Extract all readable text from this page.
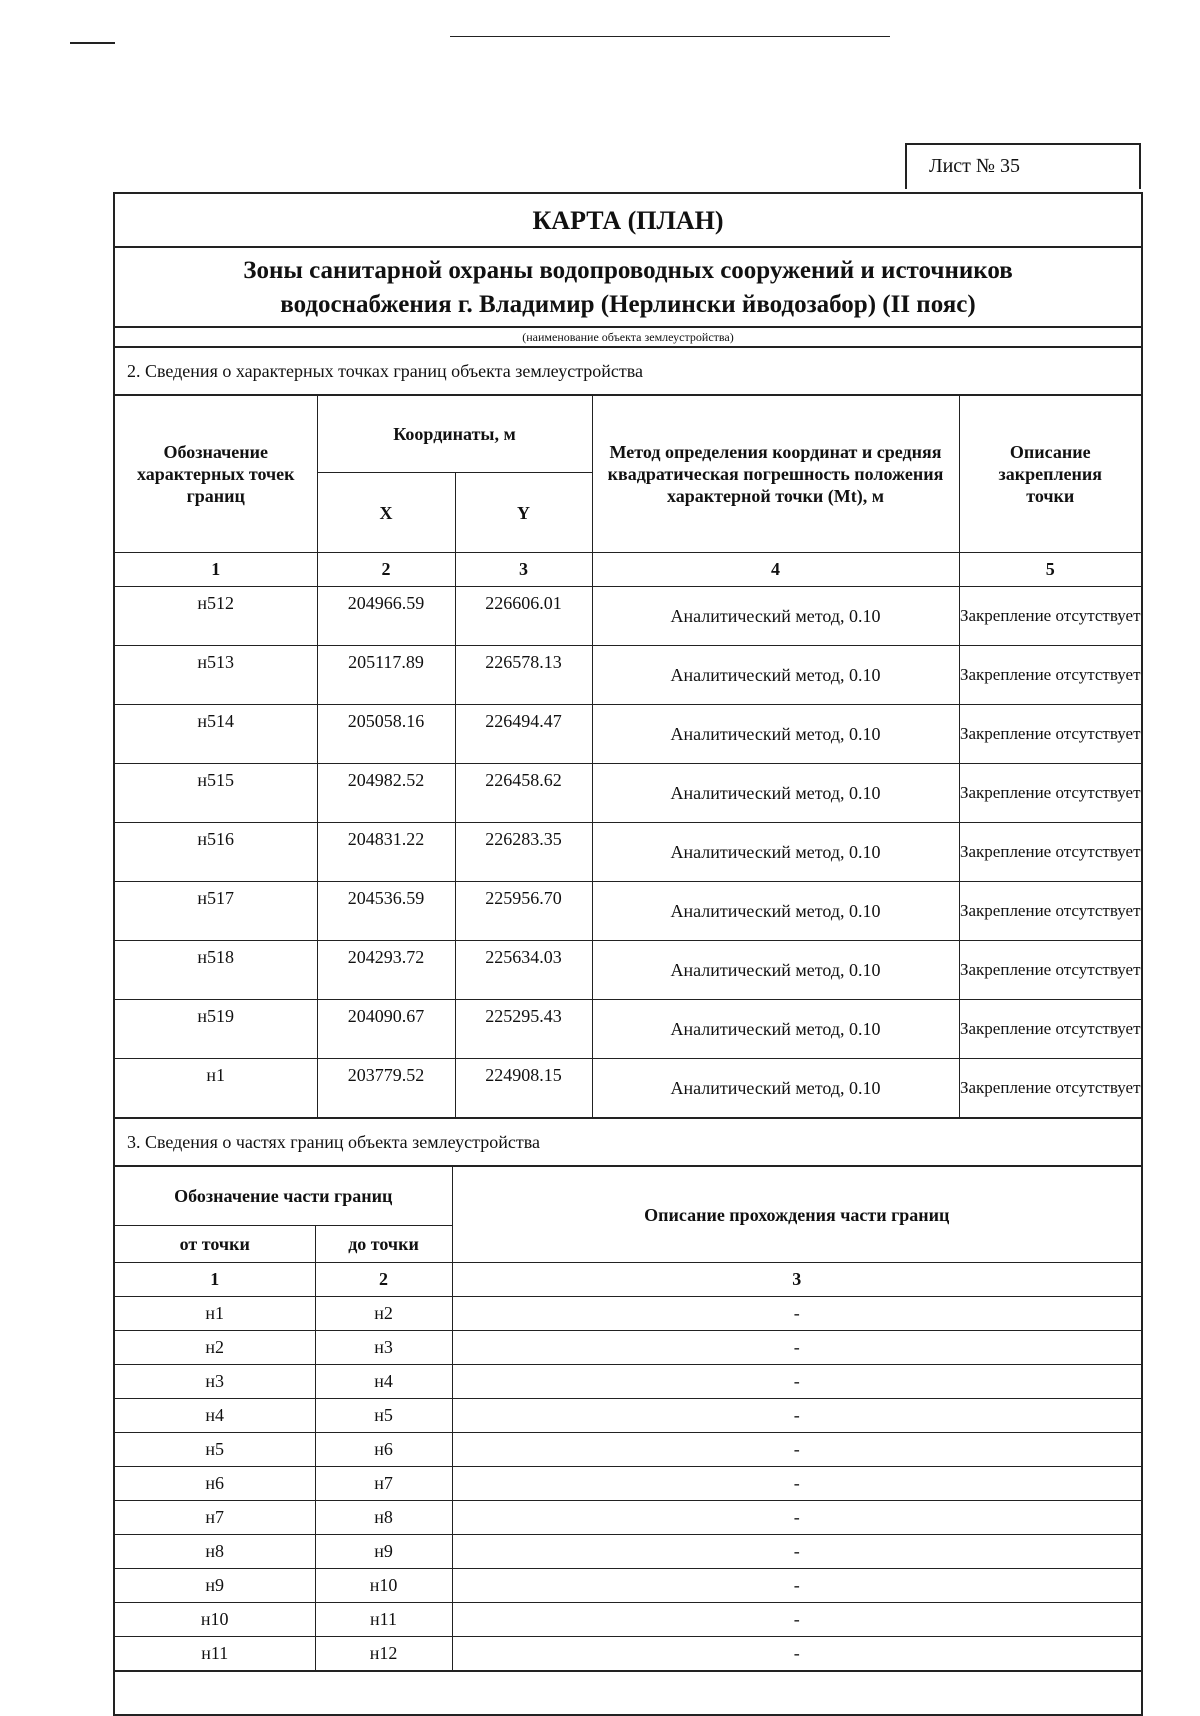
Лист № 35
КАРТА (ПЛАН)
Зоны санитарной охраны водопроводных сооружений и источников
водоснабжения г. Владимир (Нерлински йводозабор) (II пояс)
(наименование объекта землеустройства)
2. Сведения о характерных точках границ объекта землеустройства
Обозначение характерных точек границ	Координаты, м		Метод определения координат и средняя квадратическая погрешность положения характерной точки (Mt), м	Описание закрепления точки
	X	Y		
1	2	3	4	5
н512	204966.59	226606.01	Аналитический метод, 0.10	Закрепление отсутствует
н513	205117.89	226578.13	Аналитический метод, 0.10	Закрепление отсутствует
н514	205058.16	226494.47	Аналитический метод, 0.10	Закрепление отсутствует
н515	204982.52	226458.62	Аналитический метод, 0.10	Закрепление отсутствует
н516	204831.22	226283.35	Аналитический метод, 0.10	Закрепление отсутствует
н517	204536.59	225956.70	Аналитический метод, 0.10	Закрепление отсутствует
н518	204293.72	225634.03	Аналитический метод, 0.10	Закрепление отсутствует
н519	204090.67	225295.43	Аналитический метод, 0.10	Закрепление отсутствует
н1	203779.52	224908.15	Аналитический метод, 0.10	Закрепление отсутствует
3. Сведения о частях границ объекта землеустройства
Обозначение части границ		Описание прохождения части границ
от точки	до точки	
1	2	3
н1	н2	-
н2	н3	-
н3	н4	-
н4	н5	-
н5	н6	-
н6	н7	-
н7	н8	-
н8	н9	-
н9	н10	-
н10	н11	-
н11	н12	-
